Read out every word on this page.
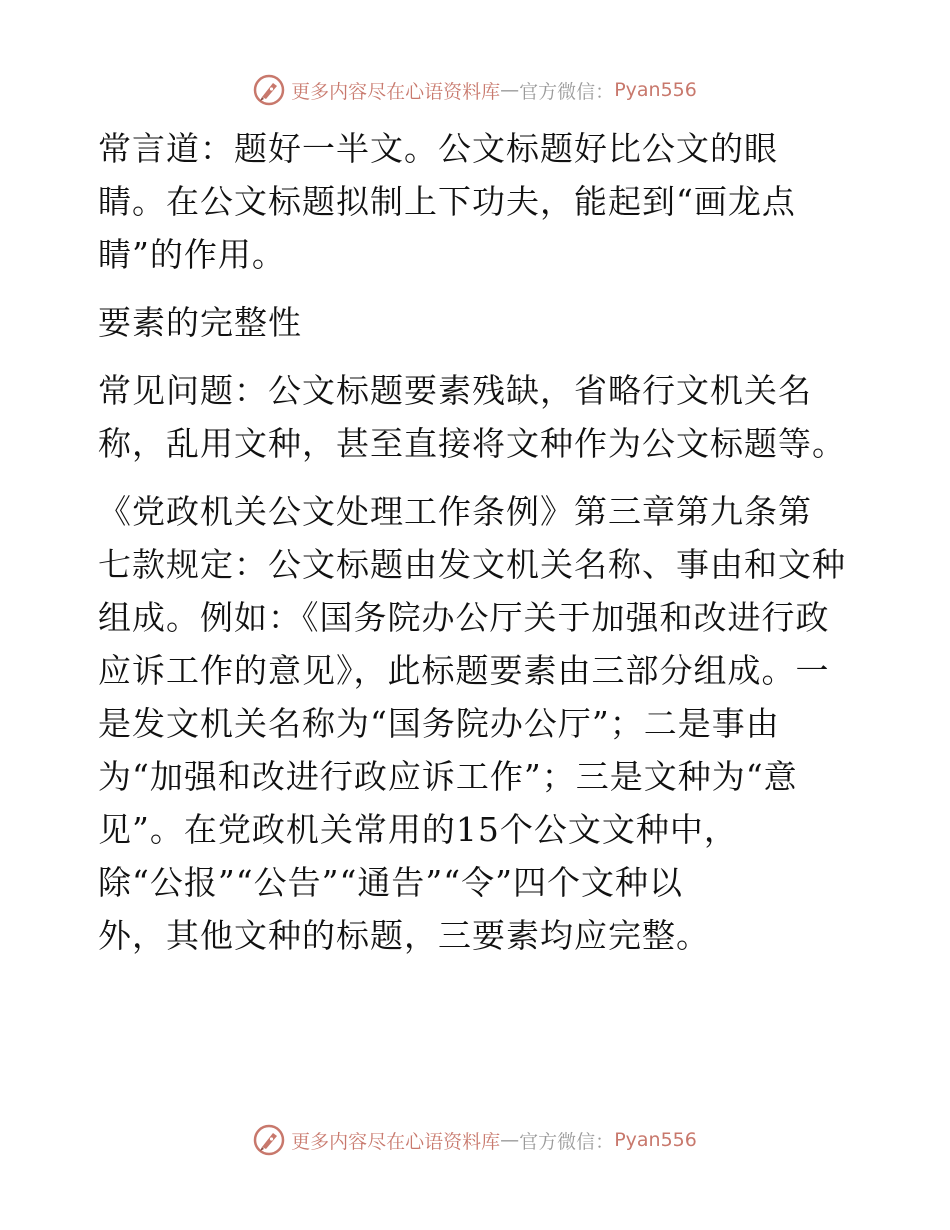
更多内容尽在心语资料库 — 官方微信： Pyan556

常言道：题好一半文。公文标题好比公文的眼
睛。在公文标题拟制上下功夫，能起到“画龙点
睛”的作用。

要素的完整性

常见问题：公文标题要素残缺，省略行文机关名
称，乱用文种，甚至直接将文种作为公文标题等。

《党政机关公文处理工作条例》第三章第九条第
七款规定：公文标题由发文机关名称、事由和文种
组成。例如：《国务院办公厅关于加强和改进行政
应诉工作的意见》，此标题要素由三部分组成。一
是发文机关名称为“国务院办公厅”；二是事由
为“加强和改进行政应诉工作”；三是文种为“意
见”。在党政机关常用的15个公文文种中，
除“公报”“公告”“通告”“令”四个文种以
外，其他文种的标题，三要素均应完整。

更多内容尽在心语资料库 — 官方微信： Pyan556
